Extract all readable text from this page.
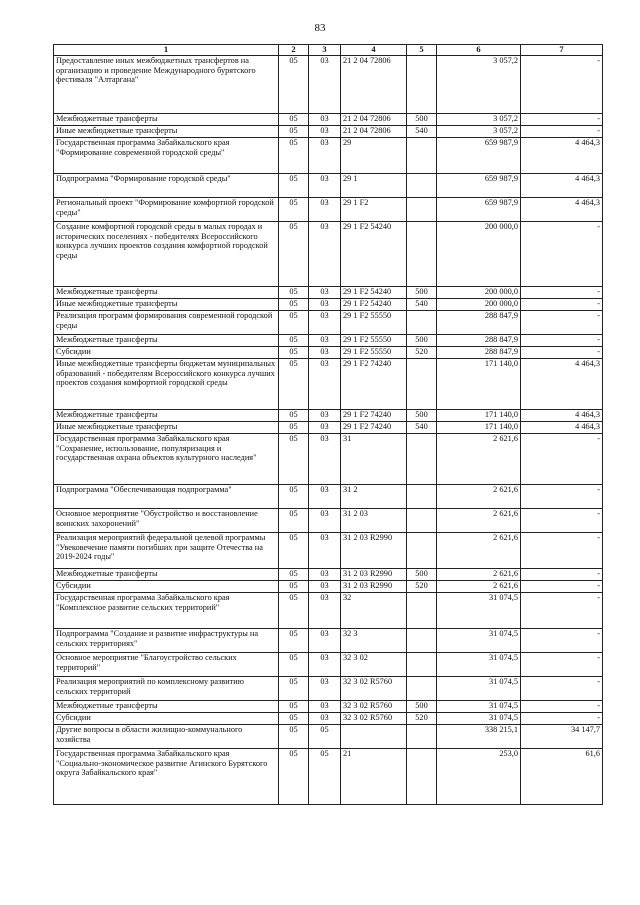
83
1	2	3	4	5	6	7
Предоставление иных межбюджетных трансфертов на организацию и проведение Международного бурятского фестиваля "Алтаргана"	05	03	21 2 04 72806		3 057,2	-
Межбюджетные трансферты	05	03	21 2 04 72806	500	3 057,2	-
Иные межбюджетные трансферты	05	03	21 2 04 72806	540	3 057,2	-
Государственная программа Забайкальского края "Формирование современной городской среды"	05	03	29		659 987,9	4 464,3
Подпрограмма "Формирование городской среды"	05	03	29 1		659 987,9	4 464,3
Региональный проект "Формирование комфортной городской среды"	05	03	29 1 F2		659 987,9	4 464,3
Создание комфортной городской среды в малых городах и исторических поселениях - победителях Всероссийского конкурса лучших проектов создания комфортной городской среды	05	03	29 1 F2 54240		200 000,0	-
Межбюджетные трансферты	05	03	29 1 F2 54240	500	200 000,0	-
Иные межбюджетные трансферты	05	03	29 1 F2 54240	540	200 000,0	-
Реализация программ формирования современной городской среды	05	03	29 1 F2 55550		288 847,9	-
Межбюджетные трансферты	05	03	29 1 F2 55550	500	288 847,9	-
Субсидии	05	03	29 1 F2 55550	520	288 847,9	-
Иные межбюджетные трансферты бюджетам муниципальных образований - победителям Всероссийского конкурса лучших проектов создания комфортной городской среды	05	03	29 1 F2 74240		171 140,0	4 464,3
Межбюджетные трансферты	05	03	29 1 F2 74240	500	171 140,0	4 464,3
Иные межбюджетные трансферты	05	03	29 1 F2 74240	540	171 140,0	4 464,3
Государственная программа Забайкальского края "Сохранение, использование, популяризация и государственная охрана объектов культурного наследия"	05	03	31		2 621,6	-
Подпрограмма "Обеспечивающая подпрограмма"	05	03	31 2		2 621,6	-
Основное мероприятие "Обустройство и восстановление воинских захоронений"	05	03	31 2 03		2 621,6	-
Реализация мероприятий федеральной целевой программы "Увековечение памяти погибших при защите Отечества на 2019-2024 годы"	05	03	31 2 03 R2990		2 621,6	-
Межбюджетные трансферты	05	03	31 2 03 R2990	500	2 621,6	-
Субсидии	05	03	31 2 03 R2990	520	2 621,6	-
Государственная программа Забайкальского края "Комплексное развитие сельских территорий"	05	03	32		31 074,5	-
Подпрограмма "Создание и развитие инфраструктуры на сельских территориях"	05	03	32 3		31 074,5	-
Основное мероприятие "Благоустройство сельских территорий"	05	03	32 3 02		31 074,5	-
Реализация мероприятий по комплексному развитию сельских территорий	05	03	32 3 02 R5760		31 074,5	-
Межбюджетные трансферты	05	03	32 3 02 R5760	500	31 074,5	-
Субсидии	05	03	32 3 02 R5760	520	31 074,5	-
Другие вопросы в области жилищно-коммунального хозяйства	05	05			338 215,1	34 147,7
Государственная программа Забайкальского края "Социально-экономическое развитие Агинского Бурятского округа Забайкальского края"	05	05	21		253,0	61,6
